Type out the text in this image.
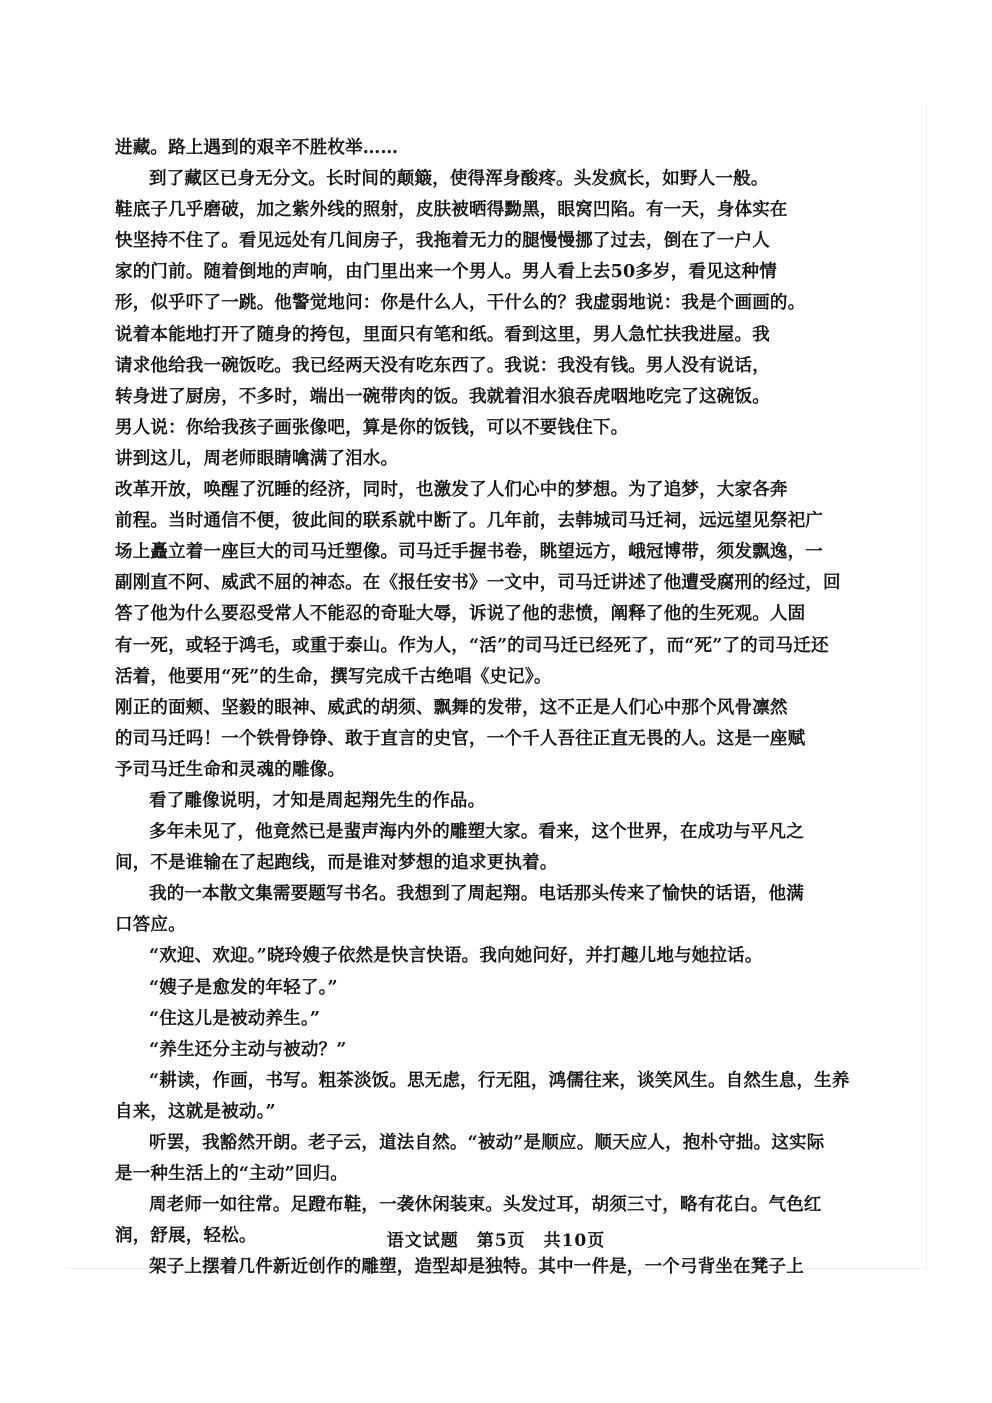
进藏。路上遇到的艰辛不胜枚举……
到了藏区已身无分文。长时间的颠簸，使得浑身酸疼。头发疯长，如野人一般。
鞋底子几乎磨破，加之紫外线的照射，皮肤被晒得黝黑，眼窝凹陷。有一天，身体实在
快坚持不住了。看见远处有几间房子，我拖着无力的腿慢慢挪了过去，倒在了一户人
家的门前。随着倒地的声响，由门里出来一个男人。男人看上去50多岁，看见这种情
形，似乎吓了一跳。他警觉地问：你是什么人，干什么的？我虚弱地说：我是个画画的。
说着本能地打开了随身的挎包，里面只有笔和纸。看到这里，男人急忙扶我进屋。我
请求他给我一碗饭吃。我已经两天没有吃东西了。我说：我没有钱。男人没有说话，
转身进了厨房，不多时，端出一碗带肉的饭。我就着泪水狼吞虎咽地吃完了这碗饭。
男人说：你给我孩子画张像吧，算是你的饭钱，可以不要钱住下。
讲到这儿，周老师眼睛噙满了泪水。
改革开放，唤醒了沉睡的经济，同时，也激发了人们心中的梦想。为了追梦，大家各奔
前程。当时通信不便，彼此间的联系就中断了。几年前，去韩城司马迁祠，远远望见祭祀广
场上矗立着一座巨大的司马迁塑像。司马迁手握书卷，眺望远方，峨冠博带，须发飘逸，一
副刚直不阿、威武不屈的神态。在《报任安书》一文中，司马迁讲述了他遭受腐刑的经过，回
答了他为什么要忍受常人不能忍的奇耻大辱，诉说了他的悲愤，阐释了他的生死观。人固
有一死，或轻于鸿毛，或重于泰山。作为人，“活”的司马迁已经死了，而“死”了的司马迁还
活着，他要用“死”的生命，撰写完成千古绝唱《史记》。
刚正的面颊、坚毅的眼神、威武的胡须、飘舞的发带，这不正是人们心中那个风骨凛然
的司马迁吗！一个铁骨铮铮、敢于直言的史官，一个千人吾往正直无畏的人。这是一座赋
予司马迁生命和灵魂的雕像。
看了雕像说明，才知是周起翔先生的作品。
多年未见了，他竟然已是蜚声海内外的雕塑大家。看来，这个世界，在成功与平凡之
间，不是谁输在了起跑线，而是谁对梦想的追求更执着。
我的一本散文集需要题写书名。我想到了周起翔。电话那头传来了愉快的话语，他满
口答应。
“欢迎、欢迎。”晓玲嫂子依然是快言快语。我向她问好，并打趣儿地与她拉话。
“嫂子是愈发的年轻了。”
“住这儿是被动养生。”
“养生还分主动与被动？”
“耕读，作画，书写。粗茶淡饭。思无虑，行无阻，鸿儒往来，谈笑风生。自然生息，生养
自来，这就是被动。”
听罢，我豁然开朗。老子云，道法自然。“被动”是顺应。顺天应人，抱朴守拙。这实际
是一种生活上的“主动”回归。
周老师一如往常。足蹬布鞋，一袭休闲装束。头发过耳，胡须三寸，略有花白。气色红
润，舒展，轻松。
架子上摆着几件新近创作的雕塑，造型却是独特。其中一件是，一个弓背坐在凳子上
语文试题　第5页　共10页
